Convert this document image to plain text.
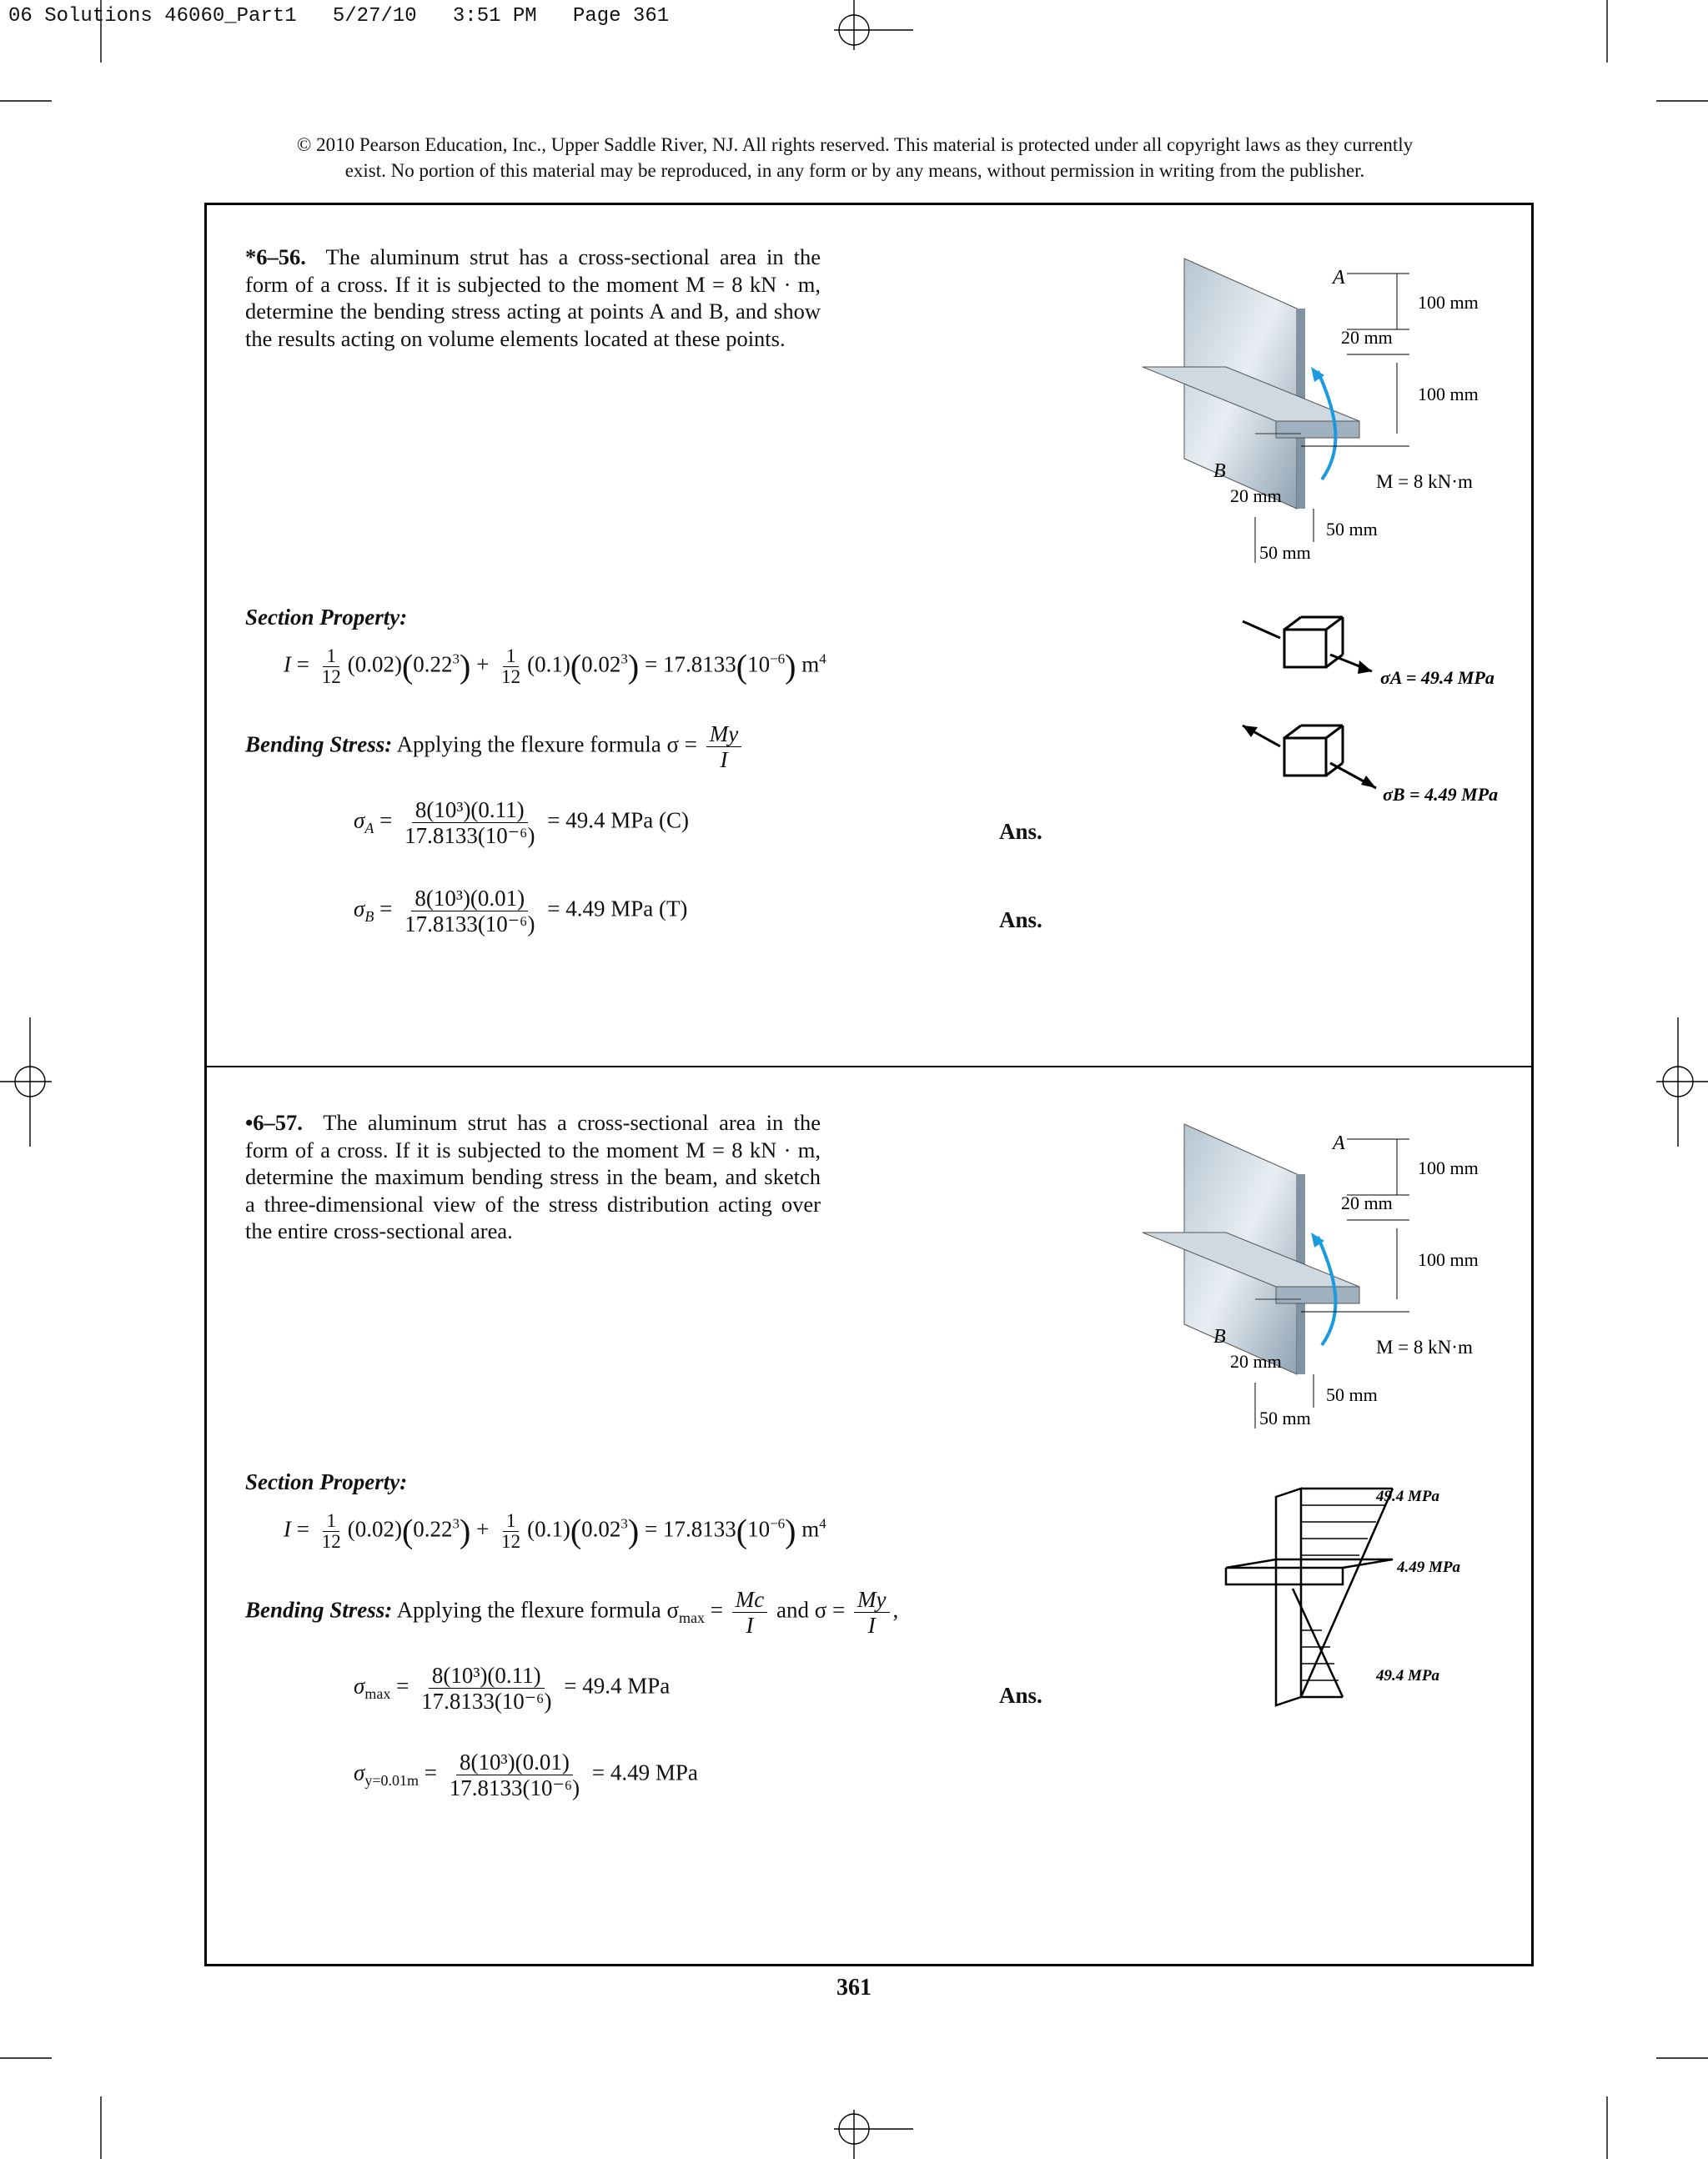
06 Solutions 46060_Part1   5/27/10   3:51 PM   Page 361
© 2010 Pearson Education, Inc., Upper Saddle River, NJ. All rights reserved. This material is protected under all copyright laws as they currently
exist. No portion of this material may be reproduced, in any form or by any means, without permission in writing from the publisher.
*6–56. The aluminum strut has a cross-sectional area in the form of a cross. If it is subjected to the moment M = 8 kN · m, determine the bending stress acting at points A and B, and show the results acting on volume elements located at these points.
Section Property:
$I = \frac{1}{12} (0.02)(0.22^3) + \frac{1}{12} (0.1)(0.02^3) = 17.8133(10^{-6})$ $m^4$
Bending Stress: Applying the flexure formula $\sigma = \frac{My}{I}$
$\sigma_A = \frac{\text{8(10³)(0.11)}}{\text{17.8133(10⁻⁶)}} = 49.4$ MPa (C)	Ans.
$\sigma_B = \frac{\text{8(10³)(0.01)}}{\text{17.8133(10⁻⁶)}} = 4.49$ MPa (T)	Ans.
A
100 mm
20 mm
100 mm
M = 8 kN·m
B
20 mm
50 mm
50 mm
σA = 49.4 MPa
σB = 4.49 MPa
•6–57. The aluminum strut has a cross-sectional area in the form of a cross. If it is subjected to the moment M = 8 kN · m, determine the maximum bending stress in the beam, and sketch a three-dimensional view of the stress distribution acting over the entire cross-sectional area.
Section Property:
$I = \frac{1}{12} (0.02)(0.22^3) + \frac{1}{12} (0.1)(0.02^3) = 17.8133(10^{-6})$ $m^4$
Bending Stress: Applying the flexure formula $\sigma_{max} = \frac{Mc}{I}$ and $\sigma = \frac{My}{I}$ ,
$\sigma_{max} = \frac{\text{8(10³)(0.11)}}{\text{17.8133(10⁻⁶)}} = 49.4$ MPa	Ans.
$\sigma_{y=0.01m} = \frac{\text{8(10³)(0.01)}}{\text{17.8133(10⁻⁶)}} = 4.49$ MPa
A
100 mm
20 mm
100 mm
M = 8 kN·m
B
20 mm
50 mm
50 mm
49.4 MPa
4.49 MPa
49.4 MPa
361
